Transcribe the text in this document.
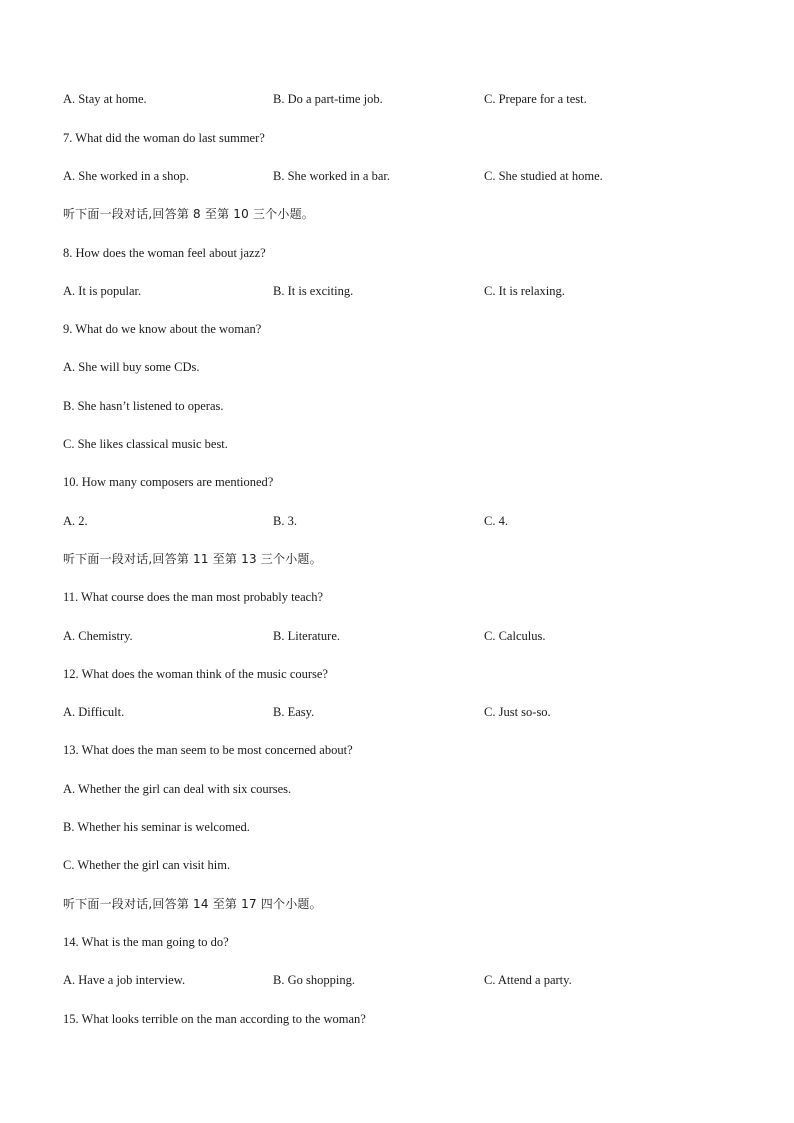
A. Stay at home.	B. Do a part-time job.	C. Prepare for a test.
7. What did the woman do last summer?
A. She worked in a shop.	B. She worked in a bar.	C. She studied at home.
听下面一段对话,回答第 8 至第 10 三个小题。
8. How does the woman feel about jazz?
A. It is popular.	B. It is exciting.	C. It is relaxing.
9. What do we know about the woman?
A. She will buy some CDs.
B. She hasn’t listened to operas.
C. She likes classical music best.
10. How many composers are mentioned?
A. 2.	B. 3.	C. 4.
听下面一段对话,回答第 11 至第 13 三个小题。
11. What course does the man most probably teach?
A. Chemistry.	B. Literature.	C. Calculus.
12. What does the woman think of the music course?
A. Difficult.	B. Easy.	C. Just so-so.
13. What does the man seem to be most concerned about?
A. Whether the girl can deal with six courses.
B. Whether his seminar is welcomed.
C. Whether the girl can visit him.
听下面一段对话,回答第 14 至第 17 四个小题。
14. What is the man going to do?
A. Have a job interview.	B. Go shopping.	C. Attend a party.
15. What looks terrible on the man according to the woman?
